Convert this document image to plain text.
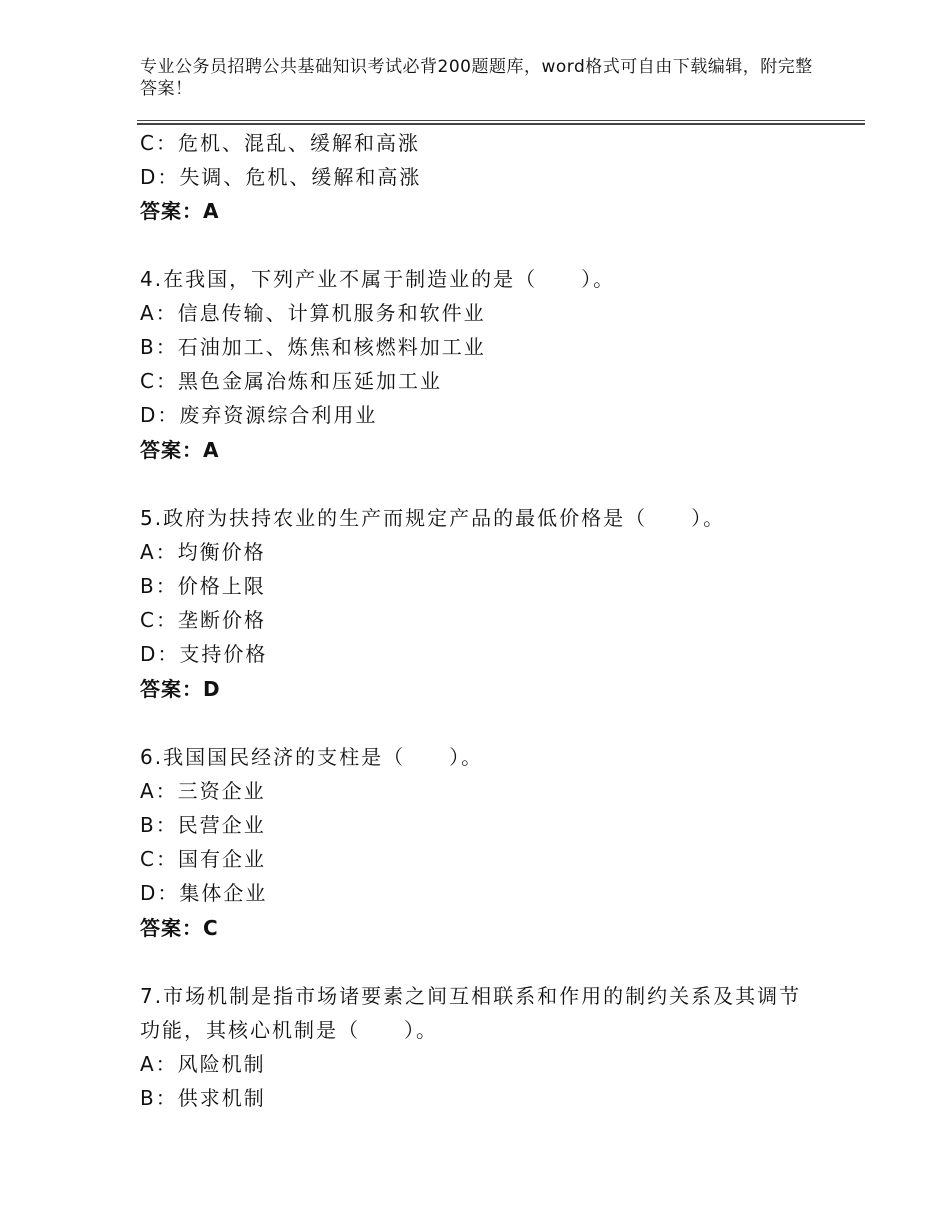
专业公务员招聘公共基础知识考试必背200题题库，word格式可自由下载编辑，附完整答案！
C：危机、混乱、缓解和高涨
D：失调、危机、缓解和高涨
答案：A
4.在我国，下列产业不属于制造业的是（　　）。
A：信息传输、计算机服务和软件业
B：石油加工、炼焦和核燃料加工业
C：黑色金属冶炼和压延加工业
D：废弃资源综合利用业
答案：A
5.政府为扶持农业的生产而规定产品的最低价格是（　　）。
A：均衡价格
B：价格上限
C：垄断价格
D：支持价格
答案：D
6.我国国民经济的支柱是（　　）。
A：三资企业
B：民营企业
C：国有企业
D：集体企业
答案：C
7.市场机制是指市场诸要素之间互相联系和作用的制约关系及其调节
功能，其核心机制是（　　）。
A：风险机制
B：供求机制
